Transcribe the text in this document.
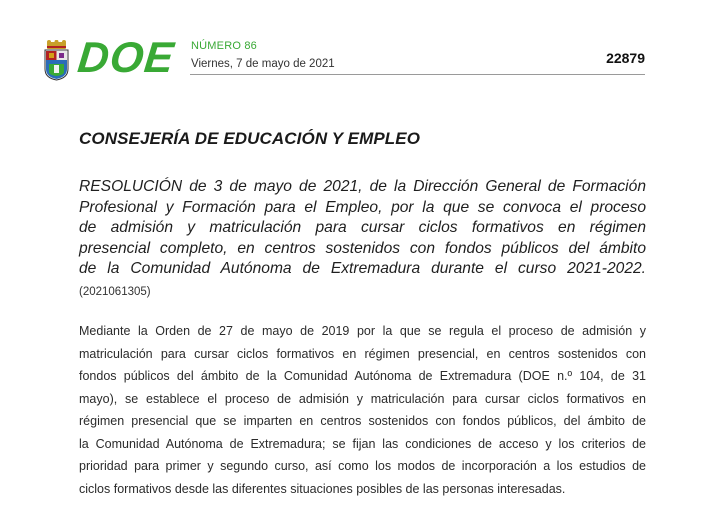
DOE NÚMERO 86
Viernes, 7 de mayo de 2021	22879
CONSEJERÍA DE EDUCACIÓN Y EMPLEO
RESOLUCIÓN de 3 de mayo de 2021, de la Dirección General de Formación
Profesional y Formación para el Empleo, por la que se convoca el proceso
de admisión y matriculación para cursar ciclos formativos en régimen
presencial completo, en centros sostenidos con fondos públicos del ámbito
de la Comunidad Autónoma de Extremadura durante el curso 2021-2022.
(2021061305)
Mediante la Orden de 27 de mayo de 2019 por la que se regula el proceso de admisión y
matriculación para cursar ciclos formativos en régimen presencial, en centros sostenidos con
fondos públicos del ámbito de la Comunidad Autónoma de Extremadura (DOE n.º 104, de 31
mayo), se establece el proceso de admisión y matriculación para cursar ciclos formativos en
régimen presencial que se imparten en centros sostenidos con fondos públicos, del ámbito de
la Comunidad Autónoma de Extremadura; se fijan las condiciones de acceso y los criterios de
prioridad para primer y segundo curso, así como los modos de incorporación a los estudios de
ciclos formativos desde las diferentes situaciones posibles de las personas interesadas.
